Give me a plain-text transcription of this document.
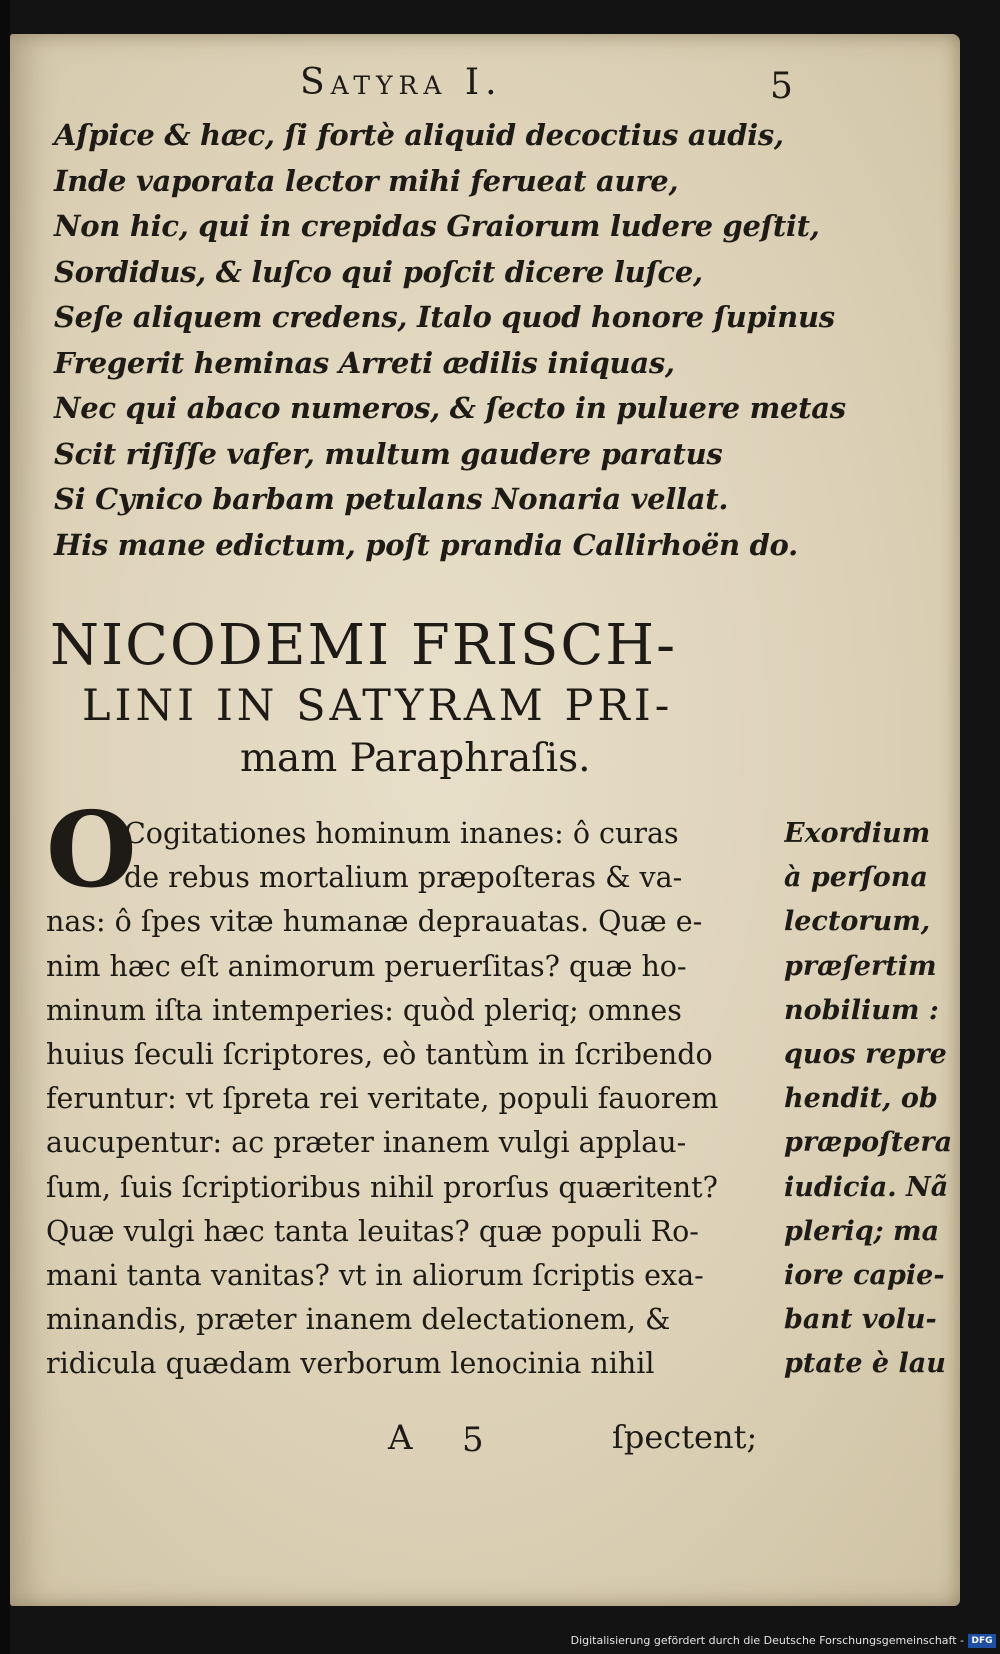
Satyra I.	5
Aſpice & hæc, ſi fortè aliquid decoctius audis,
Inde vaporata lector mihi ferueat aure,
Non hic, qui in crepidas Graiorum ludere geſtit,
Sordidus, & luſco qui poſcit dicere luſce,
Seſe aliquem credens, Italo quod honore ſupinus
Fregerit heminas Arreti ædilis iniquas,
Nec qui abaco numeros, & ſecto in puluere metas
Scit riſiſſe vafer, multum gaudere paratus
Si Cynico barbam petulans Nonaria vellat.
His mane edictum, poſt prandia Callirhoën do.
NICODEMI FRISCH-
LINI IN SATYRAM PRI-
mam Paraphraſis.
O
Cogitationes hominum inanes: ô curas
de rebus mortalium præpoſteras & va-
nas: ô ſpes vitæ humanæ deprauatas. Quæ e-
nim hæc eſt animorum peruerſitas? quæ ho-
minum iſta intemperies: quòd pleriq; omnes
huius ſeculi ſcriptores, eò tantùm in ſcribendo
feruntur: vt ſpreta rei veritate, populi fauorem
aucupentur: ac præter inanem vulgi applau-
ſum, ſuis ſcriptioribus nihil prorſus quæritent?
Quæ vulgi hæc tanta leuitas? quæ populi Ro-
mani tanta vanitas? vt in aliorum ſcriptis exa-
minandis, præter inanem delectationem, &
ridicula quædam verborum lenocinia nihil
Exordium
à perſona
lectorum,
præſertim
nobilium :
quos repre
hendit, ob
præpoſtera
iudicia. Nã
pleriq; ma
iore capie-
bant volu-
ptate è lau
A	5	ſpectent;
Digitalisierung gefördert durch die Deutsche Forschungsgemeinschaft - DFG
